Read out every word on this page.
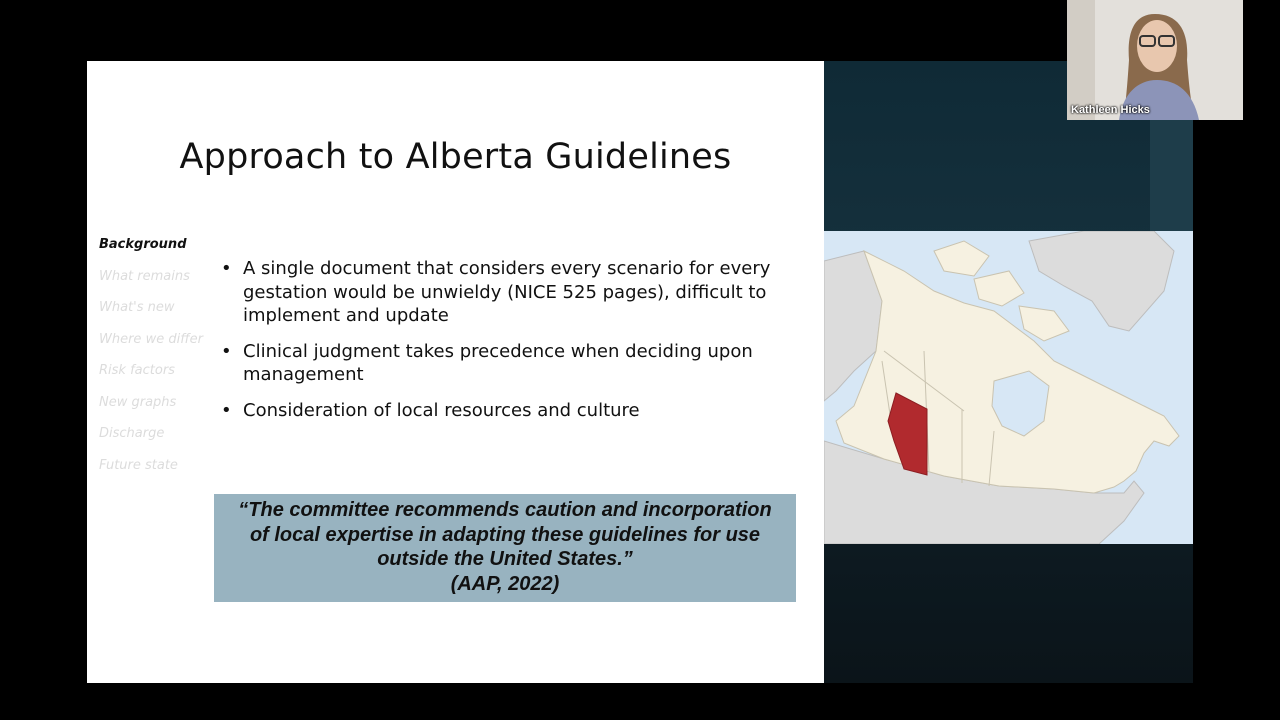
Approach to Alberta Guidelines
Background
What remains
What's new
Where we differ
Risk factors
New graphs
Discharge
Future state
• A single document that considers every scenario for every gestation would be unwieldy (NICE 525 pages), difficult to implement and update
• Clinical judgment takes precedence when deciding upon management
• Consideration of local resources and culture
“The committee recommends caution and incorporation
of local expertise in adapting these guidelines for use
outside the United States.”
(AAP, 2022)
Kathleen Hicks
